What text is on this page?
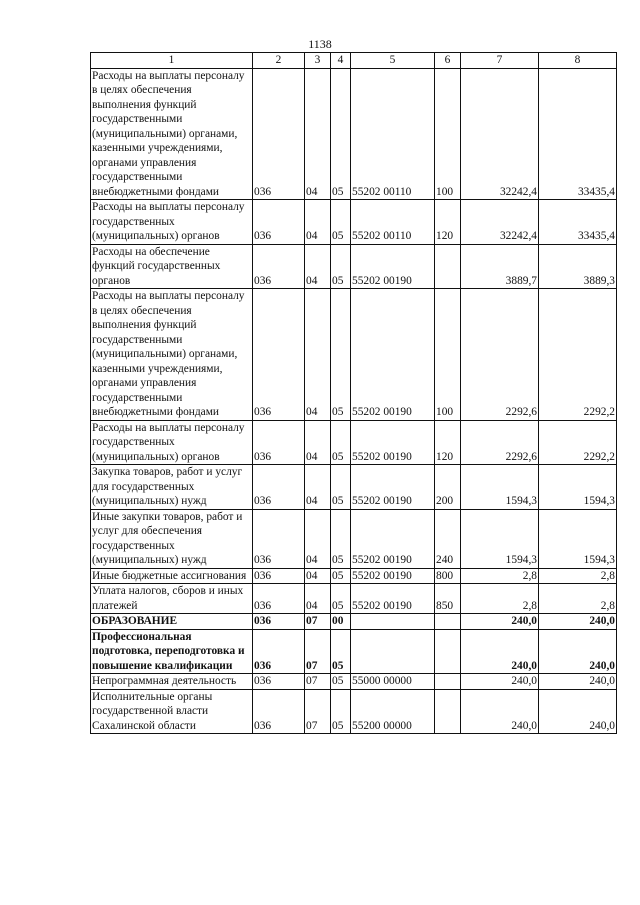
1138
1	2	3	4	5	6	7	8
Расходы на выплаты персоналу в целях обеспечения выполнения функций государственными (муниципальными) органами, казенными учреждениями, органами управления государственными внебюджетными фондами	036	04	05	55202 00110	100	32242,4	33435,4
Расходы на выплаты персоналу государственных (муниципальных) органов	036	04	05	55202 00110	120	32242,4	33435,4
Расходы на обеспечение функций государственных органов	036	04	05	55202 00190		3889,7	3889,3
Расходы на выплаты персоналу в целях обеспечения выполнения функций государственными (муниципальными) органами, казенными учреждениями, органами управления государственными внебюджетными фондами	036	04	05	55202 00190	100	2292,6	2292,2
Расходы на выплаты персоналу государственных (муниципальных) органов	036	04	05	55202 00190	120	2292,6	2292,2
Закупка товаров, работ и услуг для государственных (муниципальных) нужд	036	04	05	55202 00190	200	1594,3	1594,3
Иные закупки товаров, работ и услуг для обеспечения государственных (муниципальных) нужд	036	04	05	55202 00190	240	1594,3	1594,3
Иные бюджетные ассигнования	036	04	05	55202 00190	800	2,8	2,8
Уплата налогов, сборов и иных платежей	036	04	05	55202 00190	850	2,8	2,8
ОБРАЗОВАНИЕ	036	07	00			240,0	240,0
Профессиональная подготовка, переподготовка и повышение квалификации	036	07	05			240,0	240,0
Непрограммная деятельность	036	07	05	55000 00000		240,0	240,0
Исполнительные органы государственной власти Сахалинской области	036	07	05	55200 00000		240,0	240,0
